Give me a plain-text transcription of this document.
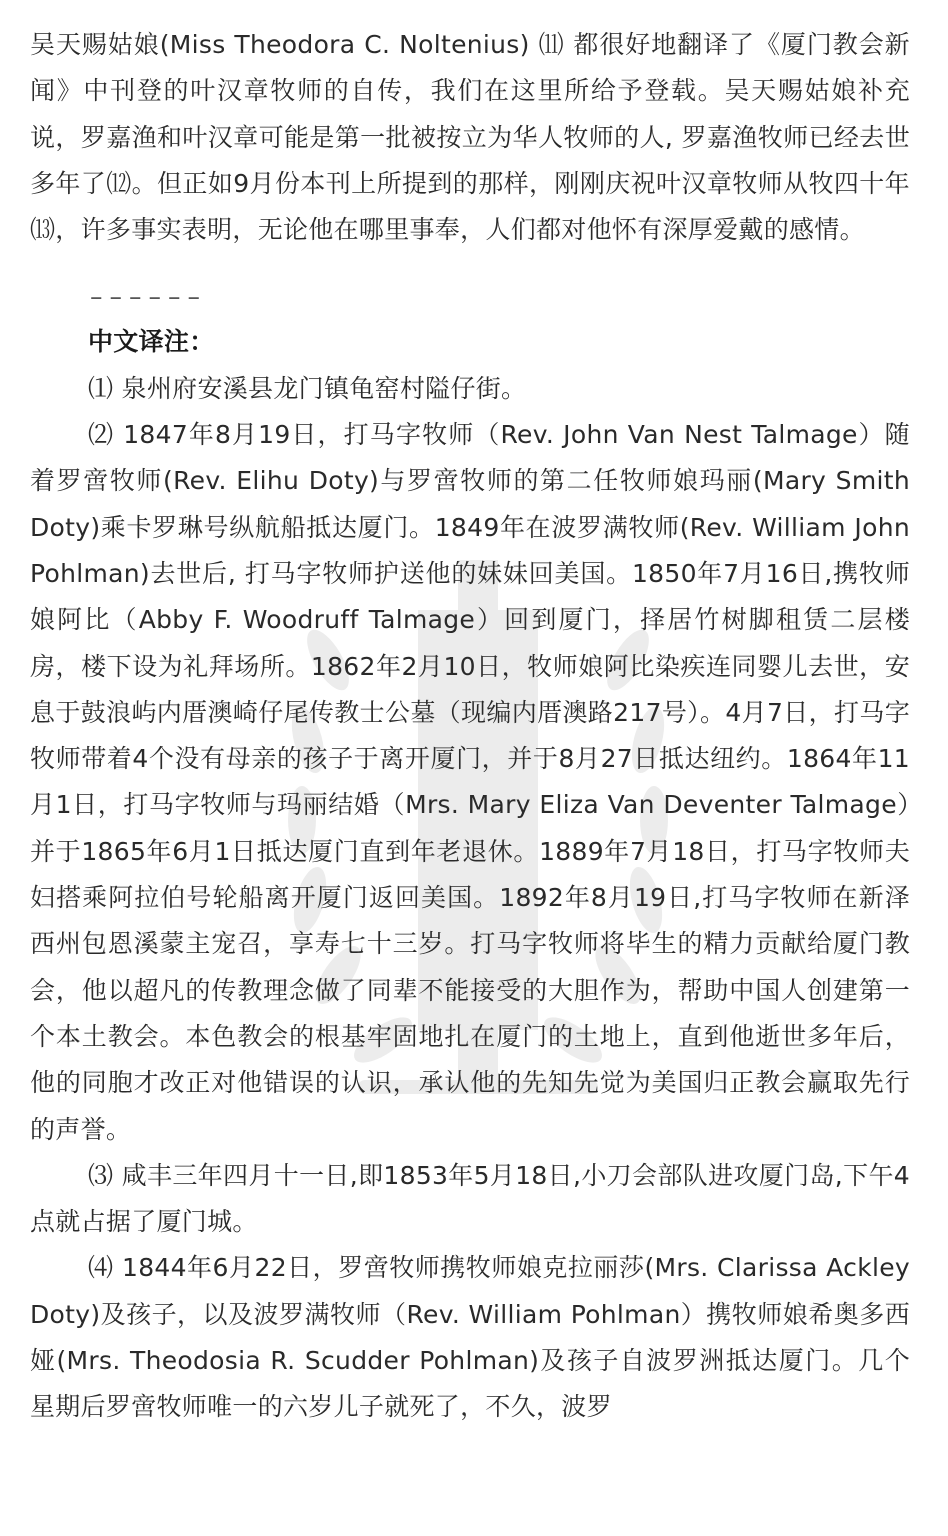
吴天赐姑娘(Miss Theodora C. Noltenius) ⑾ 都很好地翻译了《厦门教会新闻》中刊登的叶汉章牧师的自传，我们在这里所给予登载。吴天赐姑娘补充说，罗嘉渔和叶汉章可能是第一批被按立为华人牧师的人, 罗嘉渔牧师已经去世多年了⑿。但正如9月份本刊上所提到的那样，刚刚庆祝叶汉章牧师从牧四十年⒀，许多事实表明，无论他在哪里事奉，人们都对他怀有深厚爱戴的感情。

––––––

中文译注：

⑴ 泉州府安溪县龙门镇龟窑村隘仔街。

⑵ 1847年8月19日，打马字牧师（Rev. John Van Nest Talmage）随着罗啻牧师(Rev. Elihu Doty)与罗啻牧师的第二任牧师娘玛丽(Mary Smith Doty)乘卡罗琳号纵航船抵达厦门。1849年在波罗满牧师(Rev. William John Pohlman)去世后, 打马字牧师护送他的妹妹回美国。1850年7月16日,携牧师娘阿比（Abby F. Woodruff Talmage）回到厦门，择居竹树脚租赁二层楼房，楼下设为礼拜场所。1862年2月10日，牧师娘阿比染疾连同婴儿去世，安息于鼓浪屿内厝澳崎仔尾传教士公墓（现编内厝澳路217号）。4月7日，打马字牧师带着4个没有母亲的孩子于离开厦门，并于8月27日抵达纽约。1864年11月1日，打马字牧师与玛丽结婚（Mrs. Mary Eliza Van Deventer Talmage）并于1865年6月1日抵达厦门直到年老退休。1889年7月18日，打马字牧师夫妇搭乘阿拉伯号轮船离开厦门返回美国。1892年8月19日,打马字牧师在新泽西州包恩溪蒙主宠召，享寿七十三岁。打马字牧师将毕生的精力贡献给厦门教会，他以超凡的传教理念做了同辈不能接受的大胆作为，帮助中国人创建第一个本土教会。本色教会的根基牢固地扎在厦门的土地上，直到他逝世多年后，他的同胞才改正对他错误的认识，承认他的先知先觉为美国归正教会赢取先行的声誉。

⑶ 咸丰三年四月十一日,即1853年5月18日,小刀会部队进攻厦门岛,下午4点就占据了厦门城。

⑷ 1844年6月22日，罗啻牧师携牧师娘克拉丽莎(Mrs. Clarissa Ackley Doty)及孩子，以及波罗满牧师（Rev. William Pohlman）携牧师娘希奥多西娅(Mrs. Theodosia R. Scudder Pohlman)及孩子自波罗洲抵达厦门。几个星期后罗啻牧师唯一的六岁儿子就死了，不久，波罗
